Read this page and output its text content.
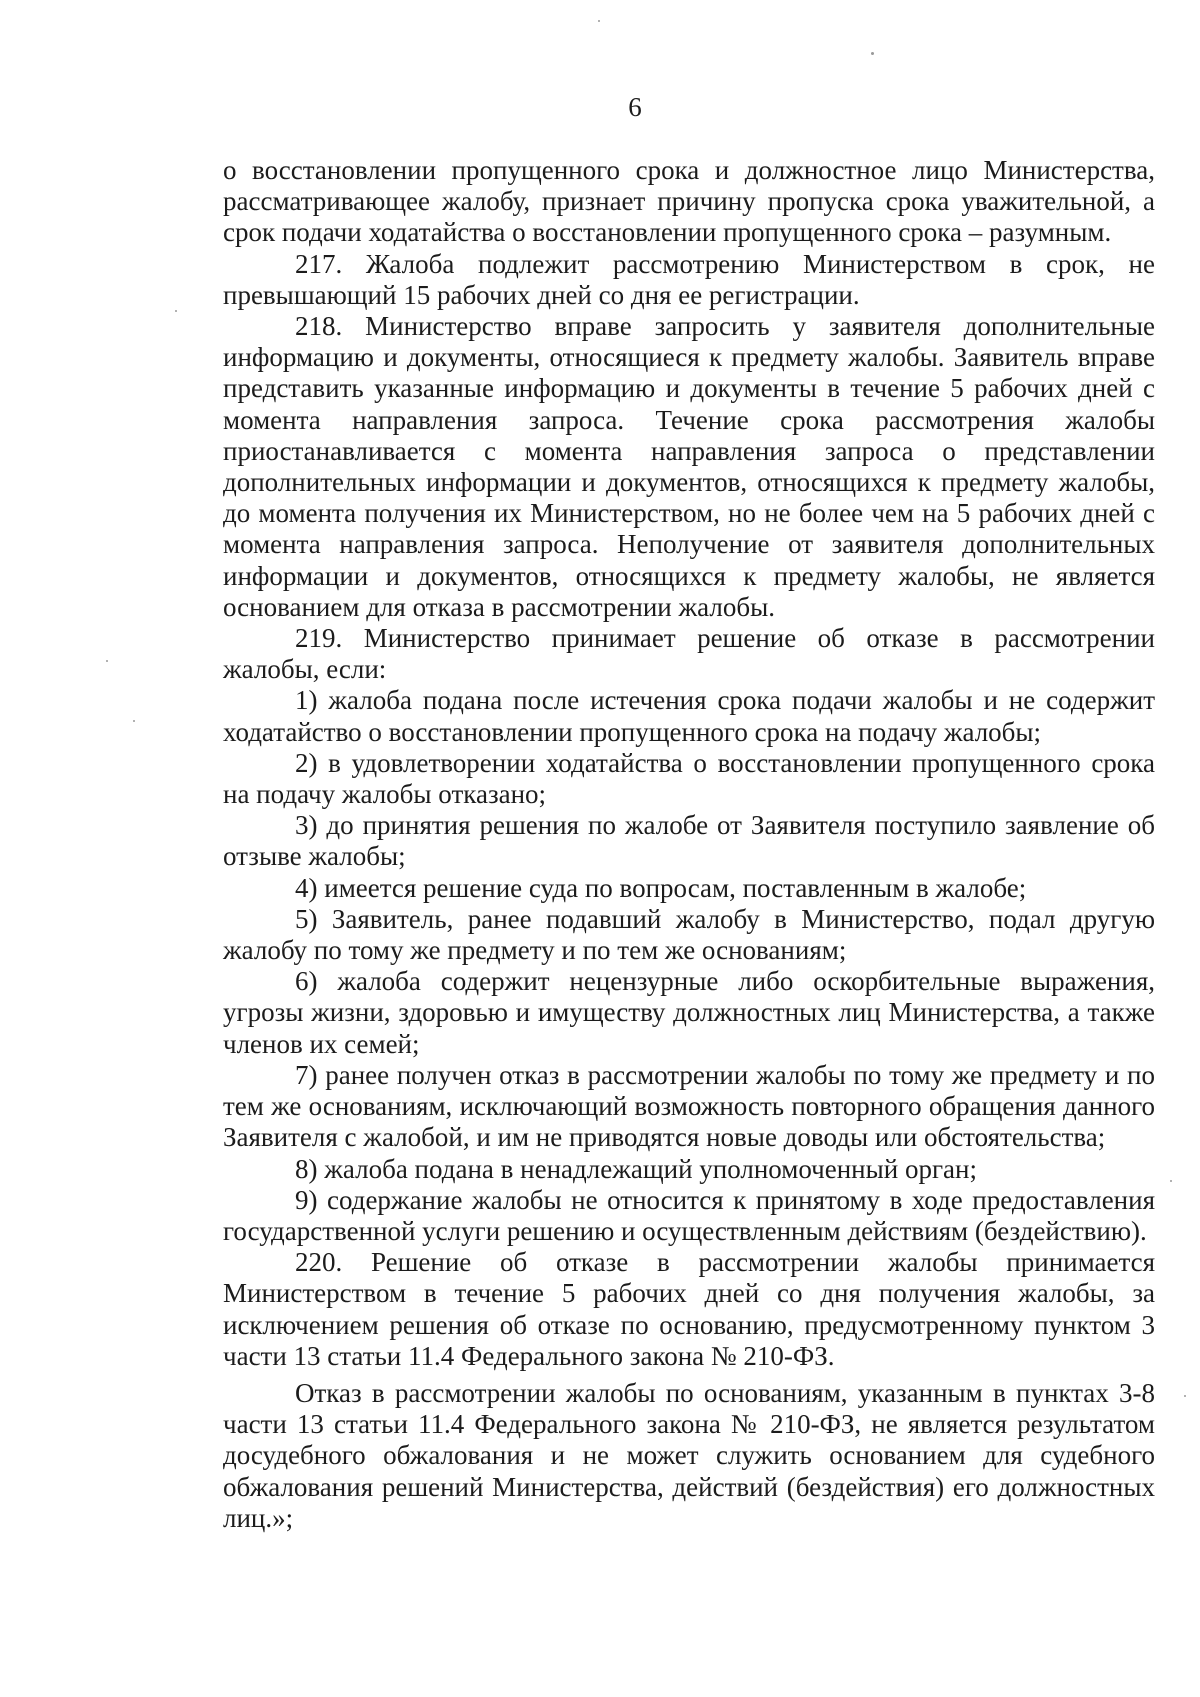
6

о восстановлении пропущенного срока и должностное лицо Министерства, рассматривающее жалобу, признает причину пропуска срока уважительной, а срок подачи ходатайства о восстановлении пропущенного срока – разумным.

217. Жалоба подлежит рассмотрению Министерством в срок, не превышающий 15 рабочих дней со дня ее регистрации.

218. Министерство вправе запросить у заявителя дополнительные информацию и документы, относящиеся к предмету жалобы. Заявитель вправе представить указанные информацию и документы в течение 5 рабочих дней с момента направления запроса. Течение срока рассмотрения жалобы приостанавливается с момента направления запроса о представлении дополнительных информации и документов, относящихся к предмету жалобы, до момента получения их Министерством, но не более чем на 5 рабочих дней с момента направления запроса. Неполучение от заявителя дополнительных информации и документов, относящихся к предмету жалобы, не является основанием для отказа в рассмотрении жалобы.

219. Министерство принимает решение об отказе в рассмотрении жалобы, если:

1) жалоба подана после истечения срока подачи жалобы и не содержит ходатайство о восстановлении пропущенного срока на подачу жалобы;

2) в удовлетворении ходатайства о восстановлении пропущенного срока на подачу жалобы отказано;

3) до принятия решения по жалобе от Заявителя поступило заявление об отзыве жалобы;

4) имеется решение суда по вопросам, поставленным в жалобе;

5) Заявитель, ранее подавший жалобу в Министерство, подал другую жалобу по тому же предмету и по тем же основаниям;

6) жалоба содержит нецензурные либо оскорбительные выражения, угрозы жизни, здоровью и имуществу должностных лиц Министерства, а также членов их семей;

7) ранее получен отказ в рассмотрении жалобы по тому же предмету и по тем же основаниям, исключающий возможность повторного обращения данного Заявителя с жалобой, и им не приводятся новые доводы или обстоятельства;

8) жалоба подана в ненадлежащий уполномоченный орган;

9) содержание жалобы не относится к принятому в ходе предоставления государственной услуги решению и осуществленным действиям (бездействию).

220. Решение об отказе в рассмотрении жалобы принимается Министерством в течение 5 рабочих дней со дня получения жалобы, за исключением решения об отказе по основанию, предусмотренному пунктом 3 части 13 статьи 11.4 Федерального закона № 210-ФЗ.

Отказ в рассмотрении жалобы по основаниям, указанным в пунктах 3-8 части 13 статьи 11.4 Федерального закона № 210-ФЗ, не является результатом досудебного обжалования и не может служить основанием для судебного обжалования решений Министерства, действий (бездействия) его должностных лиц.»;
